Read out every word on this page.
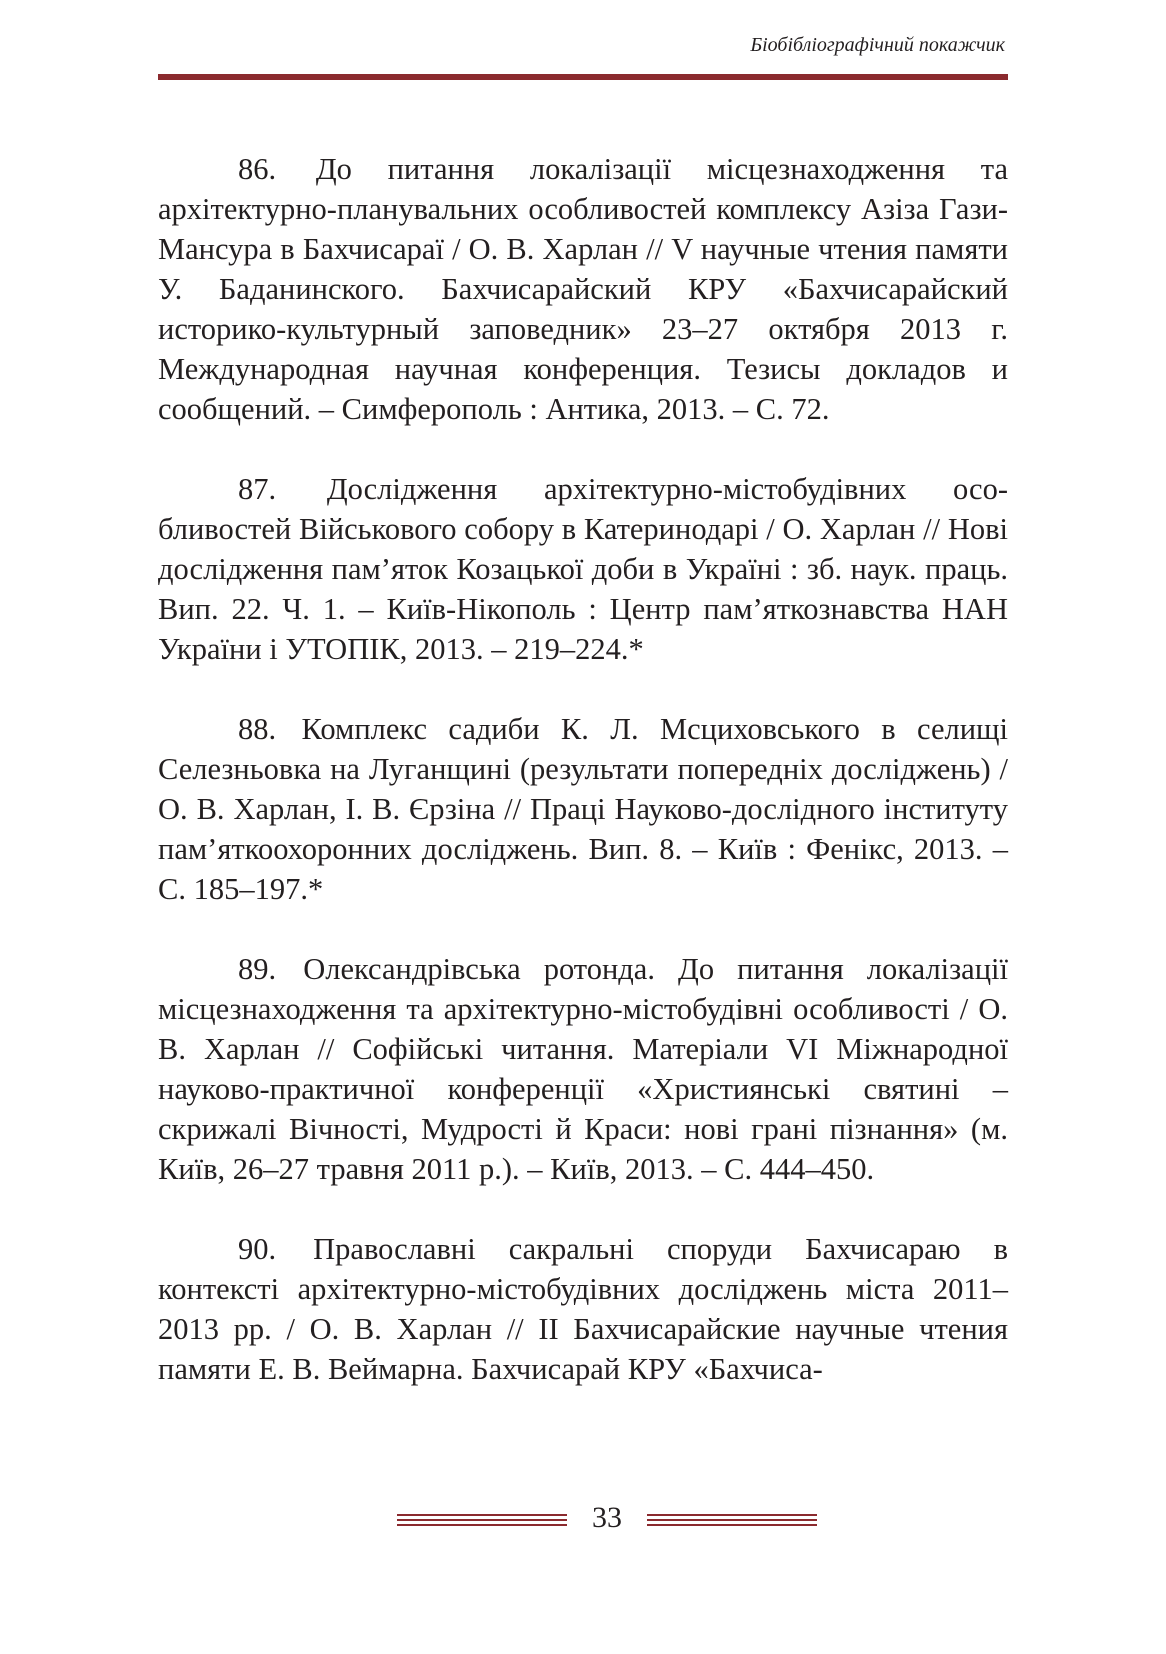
Біобібліографічний покажчик

86. До питання локалізації місцезнаходження та архітектурно-планувальних особливостей комплексу Азіза Гази-Мансура в Бахчисараї / О. В. Харлан // V научные чтения памяти У. Баданинского. Бахчисарайский КРУ «Бахчисарайский историко-культурный заповедник» 23–27 октября 2013 г. Международная научная конференция. Тезисы докладов и сообщений. – Симферополь : Антика, 2013. – С. 72.

87. Дослідження архітектурно-містобудівних особливостей Військового собору в Катеринодарі / О. Харлан // Нові дослідження пам’яток Козацької доби в Україні : зб. наук. праць. Вип. 22. Ч. 1. – Київ-Нікополь : Центр пам’яткознавства НАН України і УТОПІК, 2013. – 219–224.*

88. Комплекс садиби К. Л. Мсциховського в селищі Селезньовка на Луганщині (результати попередніх досліджень) / О. В. Харлан, І. В. Єрзіна // Праці Науково-дослідного інституту пам’яткоохоронних досліджень. Вип. 8. – Київ : Фенікс, 2013. – С. 185–197.*

89. Олександрівська ротонда. До питання локалізації місцезнаходження та архітектурно-містобудівні особливості / О. В. Харлан // Софійські читання. Матеріали VI Міжнародної науково-практичної конференції «Християнські святині – скрижалі Вічності, Мудрості й Краси: нові грані пізнання» (м. Київ, 26–27 травня 2011 р.). – Київ, 2013. – С. 444–450.

90. Православні сакральні споруди Бахчисараю в контексті архітектурно-містобудівних досліджень міста 2011–2013 рр. / О. В. Харлан // II Бахчисарайские научные чтения памяти Е. В. Веймарна. Бахчисарай КРУ «Бахчиса-

33
